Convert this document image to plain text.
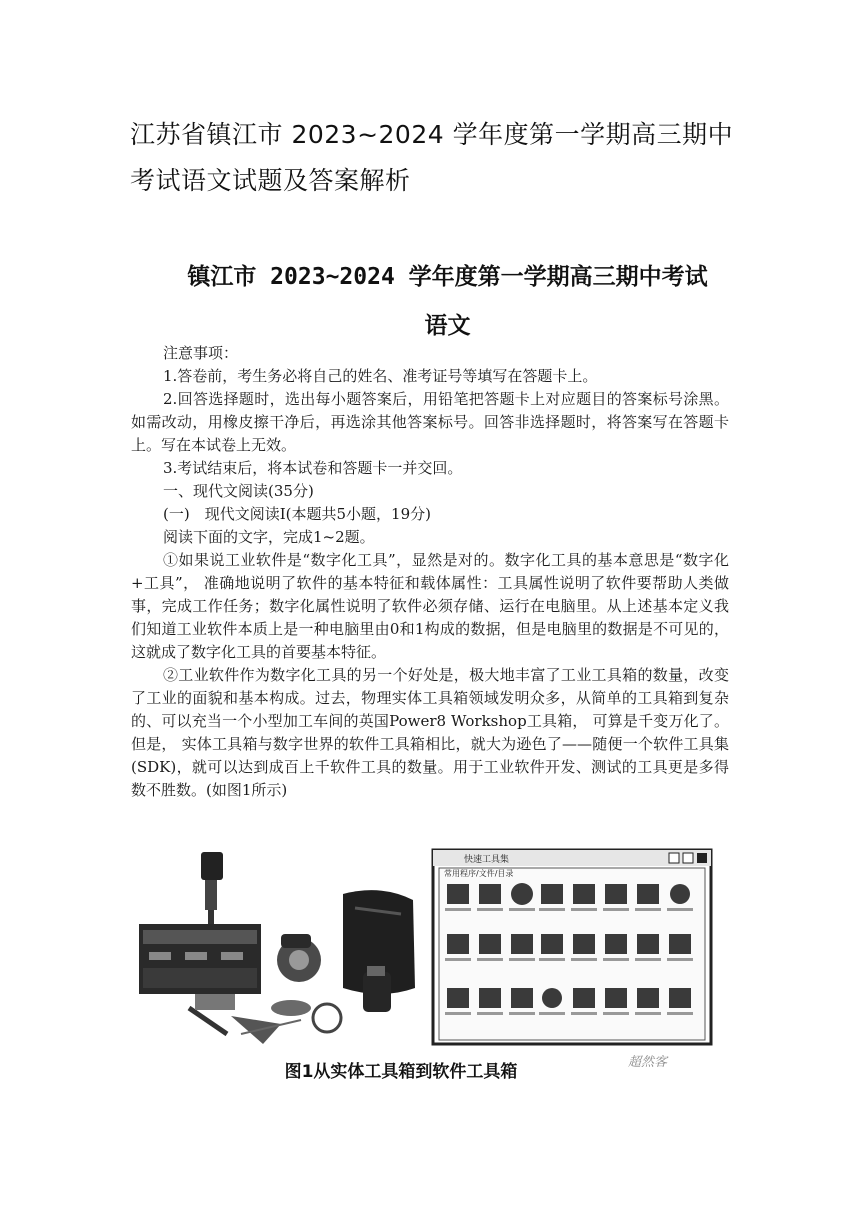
江苏省镇江市 2023~2024 学年度第一学期高三期中
考试语文试题及答案解析
镇江市 2023~2024 学年度第一学期高三期中考试
语文

注意事项：

1.答卷前，考生务必将自己的姓名、准考证号等填写在答题卡上。

2.回答选择题时，选出每小题答案后，用铅笔把答题卡上对应题目的答案标号涂黑。如需改动，用橡皮擦干净后，再选涂其他答案标号。回答非选择题时，将答案写在答题卡上。写在本试卷上无效。

3.考试结束后，将本试卷和答题卡一并交回。

一、现代文阅读(35分)

(一)　现代文阅读Ⅰ(本题共5小题，19分)

阅读下面的文字，完成1~2题。

①如果说工业软件是“数字化工具”，显然是对的。数字化工具的基本意思是“数字化+工具”， 准确地说明了软件的基本特征和载体属性：工具属性说明了软件要帮助人类做事，完成工作任务；数字化属性说明了软件必须存储、运行在电脑里。从上述基本定义我们知道工业软件本质上是一种电脑里由0和1构成的数据，但是电脑里的数据是不可见的，这就成了数字化工具的首要基本特征。

②工业软件作为数字化工具的另一个好处是，极大地丰富了工业工具箱的数量，改变了工业的面貌和基本构成。过去，物理实体工具箱领域发明众多，从简单的工具箱到复杂的、可以充当一个小型加工车间的英国Power8 Workshop工具箱， 可算是千变万化了。但是， 实体工具箱与数字世界的软件工具箱相比，就大为逊色了——随便一个软件工具集(SDK)，就可以达到成百上千软件工具的数量。用于工业软件开发、测试的工具更是多得数不胜数。(如图1所示)

快速工具集
常用程序/文件/目录
图1从实体工具箱到软件工具箱	超然客
